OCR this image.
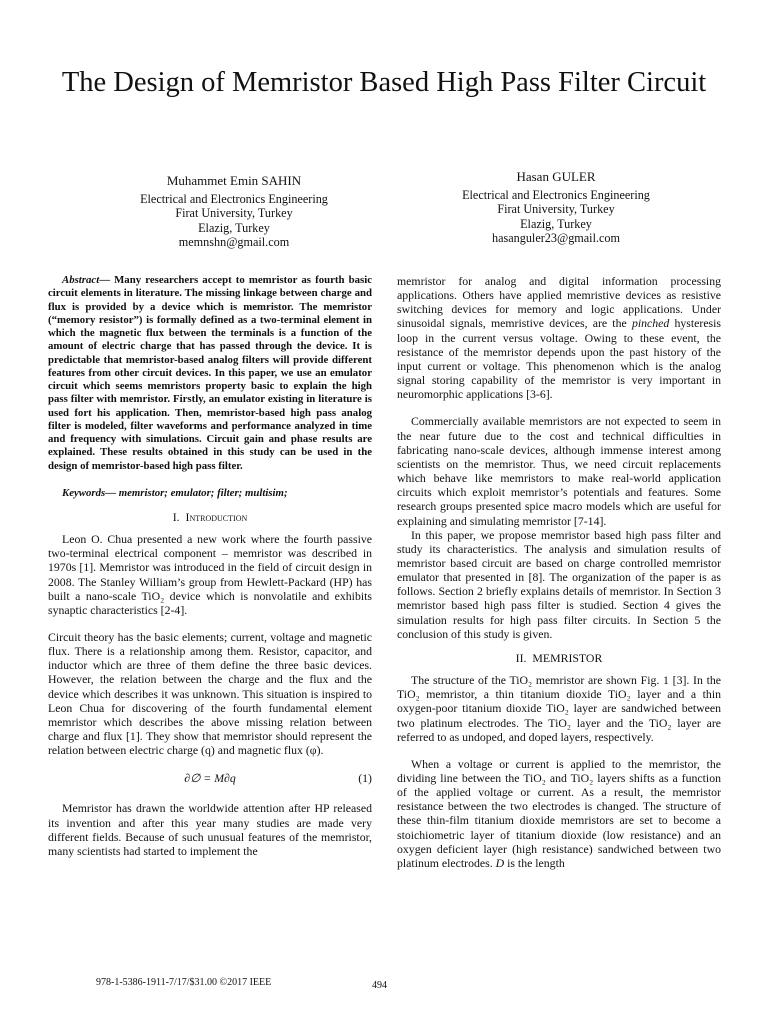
The Design of Memristor Based High Pass Filter Circuit
Muhammet Emin SAHIN
Electrical and Electronics Engineering
Firat University, Turkey
Elazig, Turkey
memnshn@gmail.com
Hasan GULER
Electrical and Electronics Engineering
Firat University, Turkey
Elazig, Turkey
hasanguler23@gmail.com

Abstract— Many researchers accept to memristor as fourth basic circuit elements in literature. The missing linkage between charge and flux is provided by a device which is memristor. The memristor (“memory resistor”) is formally defined as a two-terminal element in which the magnetic flux between the terminals is a function of the amount of electric charge that has passed through the device. It is predictable that memristor-based analog filters will provide different features from other circuit devices. In this paper, we use an emulator circuit which seems memristors property basic to explain the high pass filter with memristor. Firstly, an emulator existing in literature is used fort his application. Then, memristor-based high pass analog filter is modeled, filter waveforms and performance analyzed in time and frequency with simulations. Circuit gain and phase results are explained. These results obtained in this study can be used in the design of memristor-based high pass filter.

Keywords— memristor; emulator; filter; multisim;

I. Introduction

Leon O. Chua presented a new work where the fourth passive two-terminal electrical component – memristor was described in 1970s [1]. Memristor was introduced in the field of circuit design in 2008. The Stanley William’s group from Hewlett-Packard (HP) has built a nano-scale TiO₂ device which is nonvolatile and exhibits synaptic characteristics [2-4].

Circuit theory has the basic elements; current, voltage and magnetic flux. There is a relationship among them. Resistor, capacitor, and inductor which are three of them define the three basic devices. However, the relation between the charge and the flux and the device which describes it was unknown. This situation is inspired to Leon Chua for discovering of the fourth fundamental element memristor which describes the above missing relation between charge and flux [1]. They show that memristor should represent the relation between electric charge (q) and magnetic flux (φ).

∂∅ = M∂q	(1)

Memristor has drawn the worldwide attention after HP released its invention and after this year many studies are made very different fields. Because of such unusual features of the memristor, many scientists had started to implement the

memristor for analog and digital information processing applications. Others have applied memristive devices as resistive switching devices for memory and logic applications. Under sinusoidal signals, memristive devices, are the pinched hysteresis loop in the current versus voltage. Owing to these event, the resistance of the memristor depends upon the past history of the input current or voltage. This phenomenon which is the analog signal storing capability of the memristor is very important in neuromorphic applications [3-6].

Commercially available memristors are not expected to seem in the near future due to the cost and technical difficulties in fabricating nano-scale devices, although immense interest among scientists on the memristor. Thus, we need circuit replacements which behave like memristors to make real-world application circuits which exploit memristor’s potentials and features. Some research groups presented spice macro models which are useful for explaining and simulating memristor [7-14].

In this paper, we propose memristor based high pass filter and study its characteristics. The analysis and simulation results of memristor based circuit are based on charge controlled memristor emulator that presented in [8]. The organization of the paper is as follows. Section 2 briefly explains details of memristor. In Section 3 memristor based high pass filter is studied. Section 4 gives the simulation results for high pass filter circuits. In Section 5 the conclusion of this study is given.

II. MEMRISTOR

The structure of the TiO₂ memristor are shown Fig. 1 [3]. In the TiO₂ memristor, a thin titanium dioxide TiO₂ layer and a thin oxygen-poor titanium dioxide TiO₂ layer are sandwiched between two platinum electrodes. The TiO₂ layer and the TiO₂ layer are referred to as undoped, and doped layers, respectively.

When a voltage or current is applied to the memristor, the dividing line between the TiO₂ and TiO₂ layers shifts as a function of the applied voltage or current. As a result, the memristor resistance between the two electrodes is changed. The structure of these thin-film titanium dioxide memristors are set to become a stoichiometric layer of titanium dioxide (low resistance) and an oxygen deficient layer (high resistance) sandwiched between two platinum electrodes. D is the length

978-1-5386-1911-7/17/$31.00 ©2017 IEEE	494
